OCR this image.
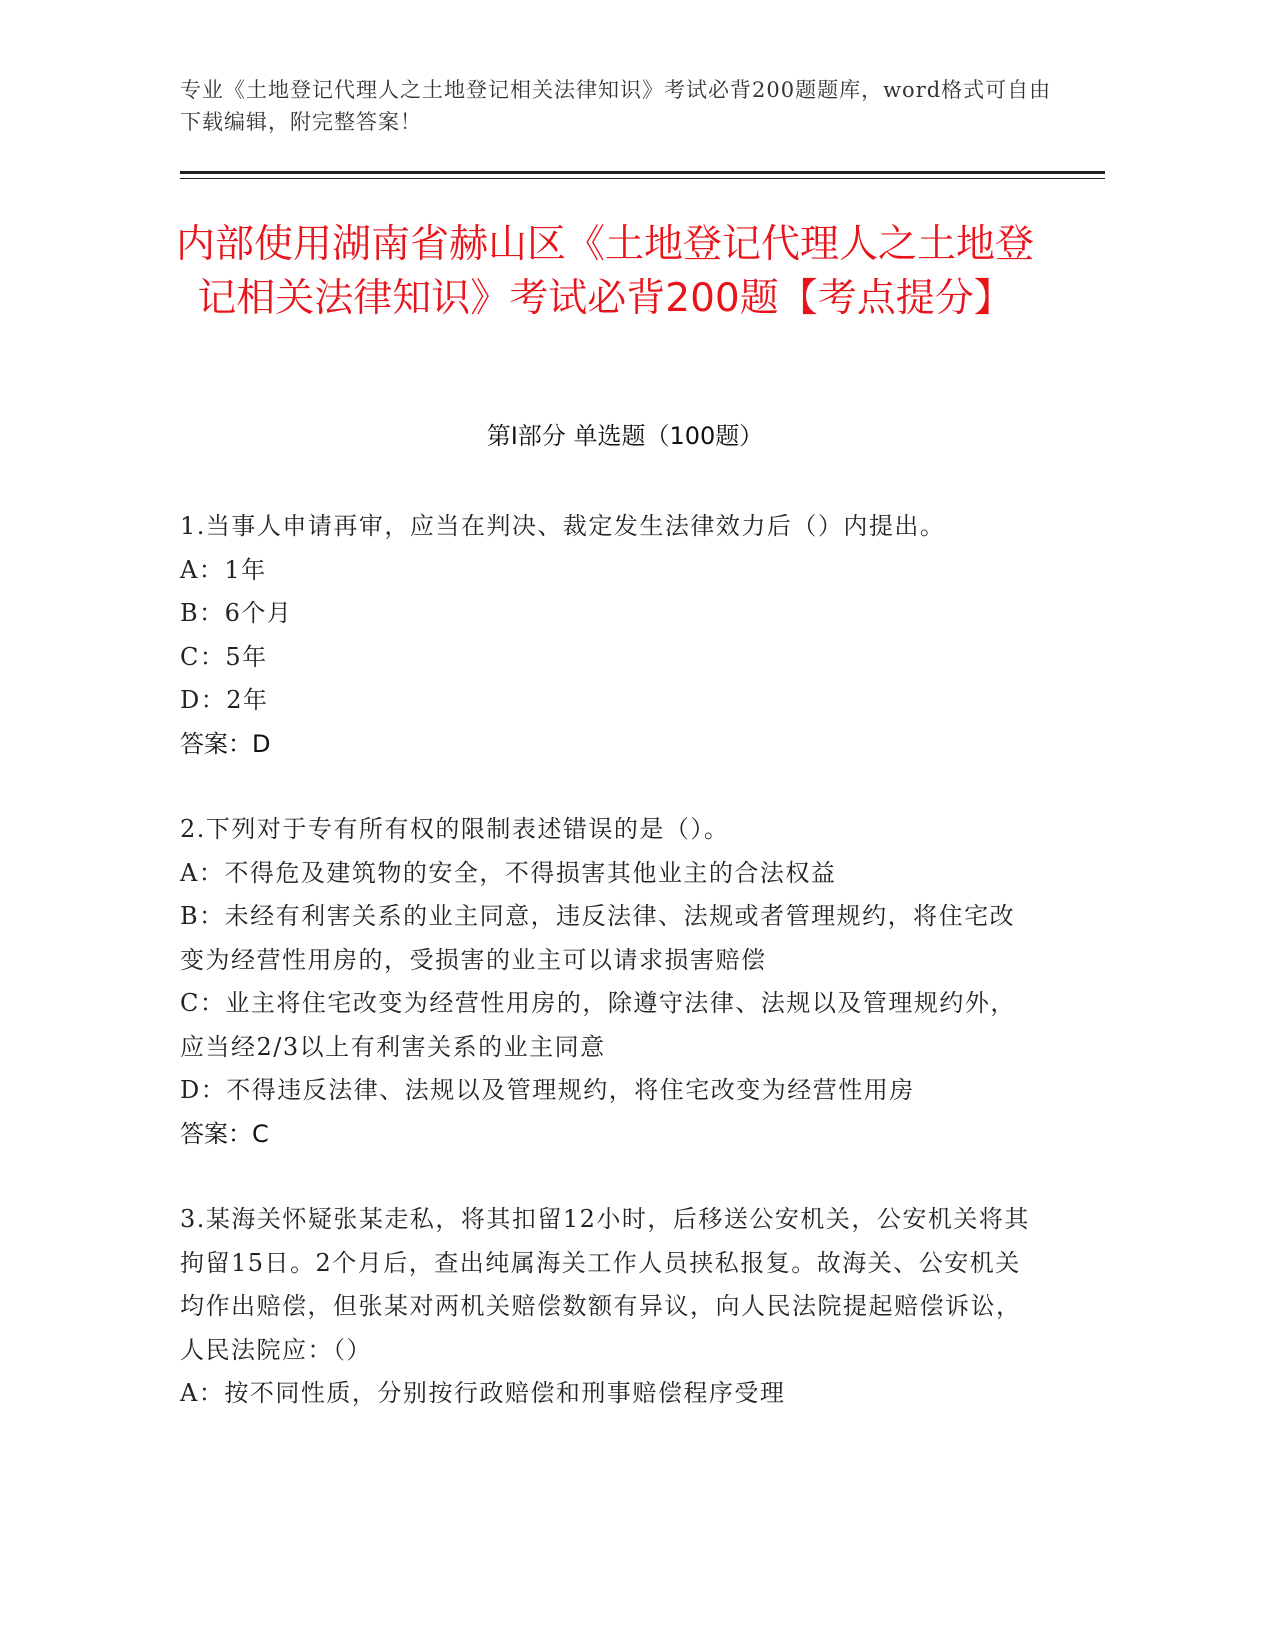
专业《土地登记代理人之土地登记相关法律知识》考试必背200题题库，word格式可自由下载编辑，附完整答案！
内部使用湖南省赫山区《土地登记代理人之土地登记相关法律知识》考试必背200题【考点提分】
第Ⅰ部分 单选题（100题）
1.当事人申请再审，应当在判决、裁定发生法律效力后（）内提出。
A：1年
B：6个月
C：5年
D：2年
答案：D
2.下列对于专有所有权的限制表述错误的是（）。
A：不得危及建筑物的安全，不得损害其他业主的合法权益
B：未经有利害关系的业主同意，违反法律、法规或者管理规约，将住宅改变为经营性用房的，受损害的业主可以请求损害赔偿
C：业主将住宅改变为经营性用房的，除遵守法律、法规以及管理规约外，应当经2/3以上有利害关系的业主同意
D：不得违反法律、法规以及管理规约，将住宅改变为经营性用房
答案：C
3.某海关怀疑张某走私，将其扣留12小时，后移送公安机关，公安机关将其拘留15日。2个月后，查出纯属海关工作人员挟私报复。故海关、公安机关均作出赔偿，但张某对两机关赔偿数额有异议，向人民法院提起赔偿诉讼，人民法院应：（）
A：按不同性质，分别按行政赔偿和刑事赔偿程序受理
